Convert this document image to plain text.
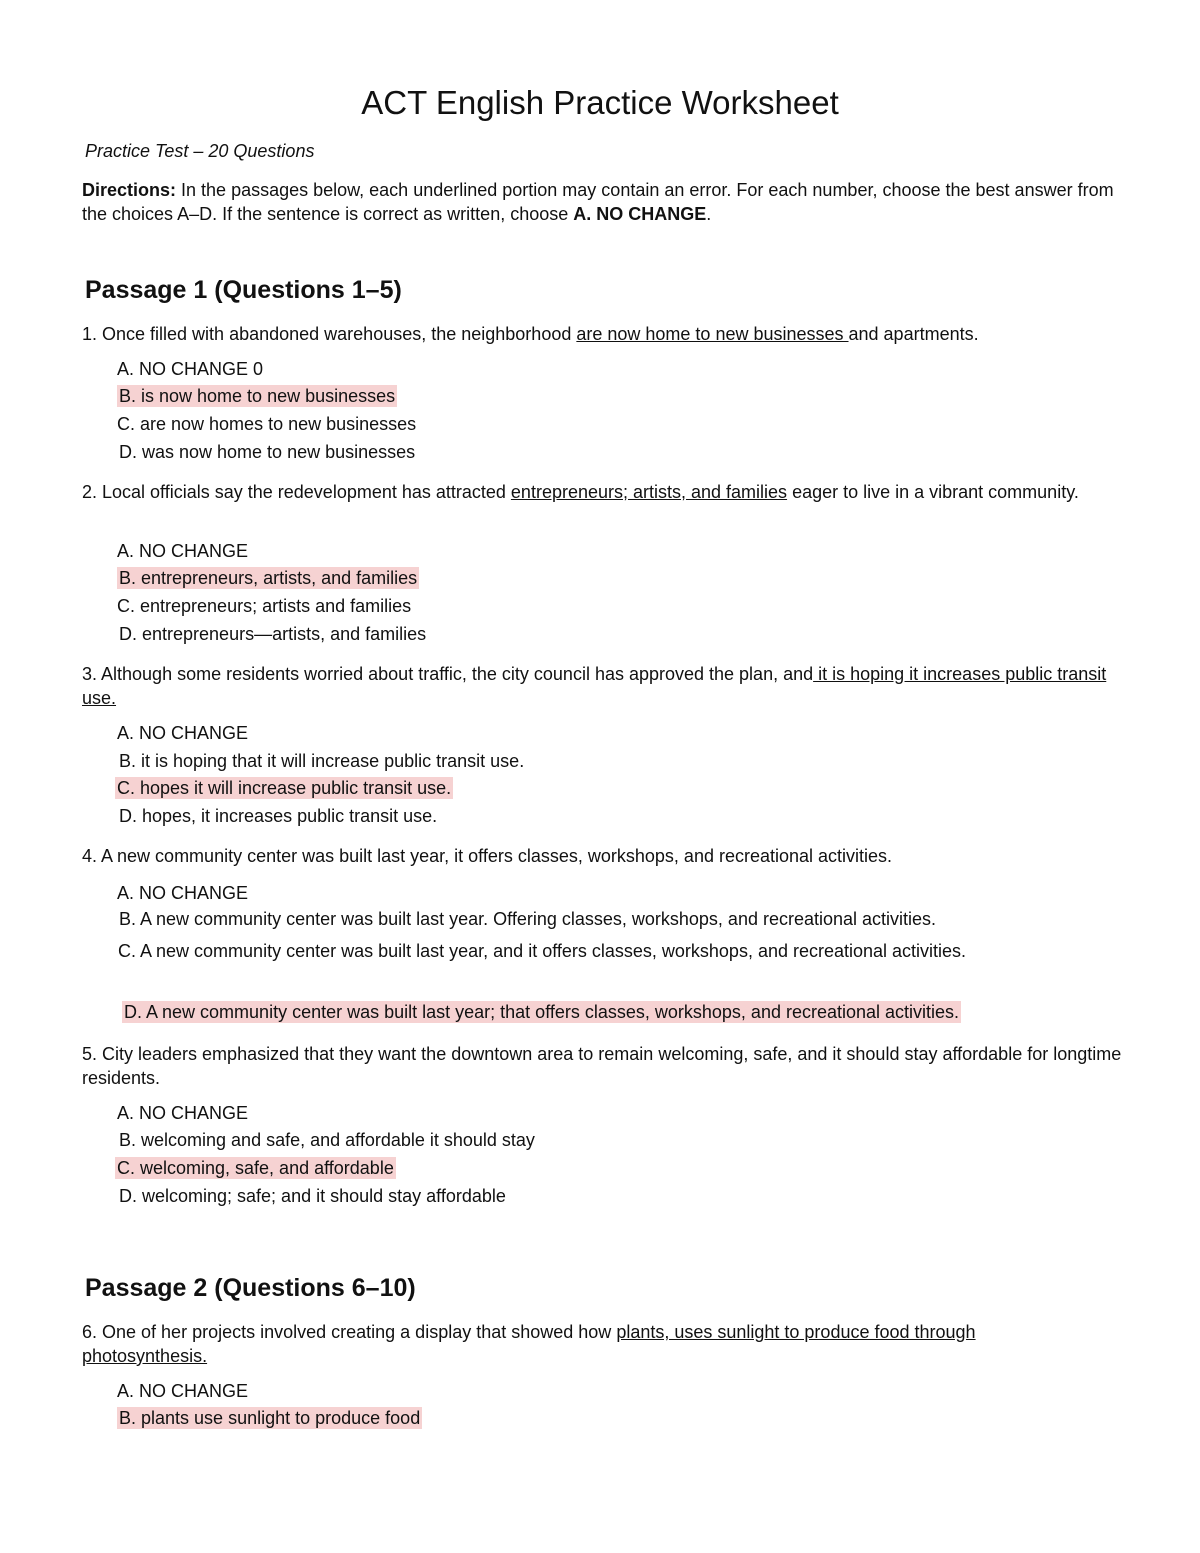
ACT English Practice Worksheet
Practice Test – 20 Questions
Directions: In the passages below, each underlined portion may contain an error. For each number, choose the best answer from the choices A–D. If the sentence is correct as written, choose A. NO CHANGE.
Passage 1 (Questions 1–5)
1. Once filled with abandoned warehouses, the neighborhood are now home to new businesses and apartments.
A. NO CHANGE 0
B. is now home to new businesses
C. are now homes to new businesses
D. was now home to new businesses
2. Local officials say the redevelopment has attracted entrepreneurs; artists, and families eager to live in a vibrant community.
A. NO CHANGE
B. entrepreneurs, artists, and families
C. entrepreneurs; artists and families
D. entrepreneurs—artists, and families
3. Although some residents worried about traffic, the city council has approved the plan, and it is hoping it increases public transit use.
A. NO CHANGE
B. it is hoping that it will increase public transit use.
C. hopes it will increase public transit use.
D. hopes, it increases public transit use.
4. A new community center was built last year, it offers classes, workshops, and recreational activities.
A. NO CHANGE
B. A new community center was built last year. Offering classes, workshops, and recreational activities.
C. A new community center was built last year, and it offers classes, workshops, and recreational activities.
D. A new community center was built last year; that offers classes, workshops, and recreational activities.
5. City leaders emphasized that they want the downtown area to remain welcoming, safe, and it should stay affordable for longtime residents.
A. NO CHANGE
B. welcoming and safe, and affordable it should stay
C. welcoming, safe, and affordable
D. welcoming; safe; and it should stay affordable
Passage 2 (Questions 6–10)
6. One of her projects involved creating a display that showed how plants, uses sunlight to produce food through photosynthesis.
A. NO CHANGE
B. plants use sunlight to produce food
